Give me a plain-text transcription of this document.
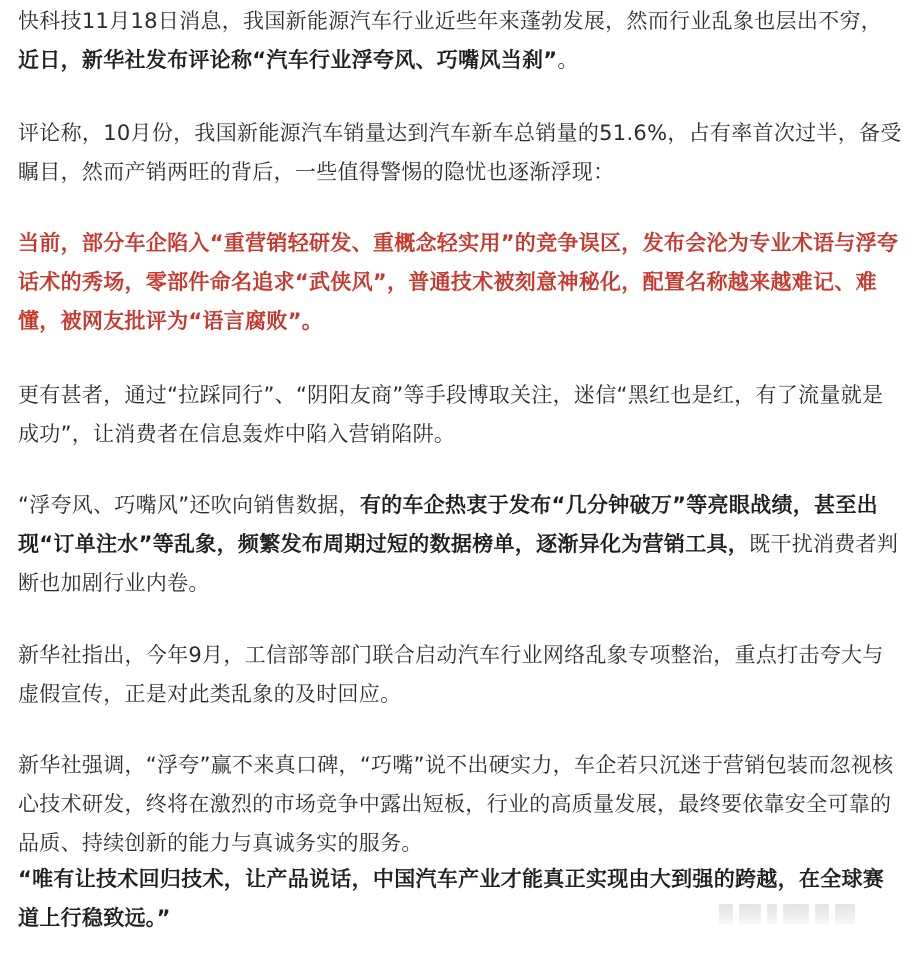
快科技11月18日消息，我国新能源汽车行业近些年来蓬勃发展，然而行业乱象也层出不穷，近日，新华社发布评论称“汽车行业浮夸风、巧嘴风当刹”。

评论称，10月份，我国新能源汽车销量达到汽车新车总销量的51.6%，占有率首次过半，备受瞩目，然而产销两旺的背后，一些值得警惕的隐忧也逐渐浮现：

当前，部分车企陷入“重营销轻研发、重概念轻实用”的竞争误区，发布会沦为专业术语与浮夸话术的秀场，零部件命名追求“武侠风”，普通技术被刻意神秘化，配置名称越来越难记、难懂，被网友批评为“语言腐败”。

更有甚者，通过“拉踩同行”、“阴阳友商”等手段博取关注，迷信“黑红也是红，有了流量就是成功”，让消费者在信息轰炸中陷入营销陷阱。

“浮夸风、巧嘴风”还吹向销售数据，有的车企热衷于发布“几分钟破万”等亮眼战绩，甚至出现“订单注水”等乱象，频繁发布周期过短的数据榜单，逐渐异化为营销工具，既干扰消费者判断也加剧行业内卷。

新华社指出，今年9月，工信部等部门联合启动汽车行业网络乱象专项整治，重点打击夸大与虚假宣传，正是对此类乱象的及时回应。

新华社强调，“浮夸”赢不来真口碑，“巧嘴”说不出硬实力，车企若只沉迷于营销包装而忽视核心技术研发，终将在激烈的市场竞争中露出短板，行业的高质量发展，最终要依靠安全可靠的品质、持续创新的能力与真诚务实的服务。

“唯有让技术回归技术，让产品说话，中国汽车产业才能真正实现由大到强的跨越，在全球赛道上行稳致远。”
